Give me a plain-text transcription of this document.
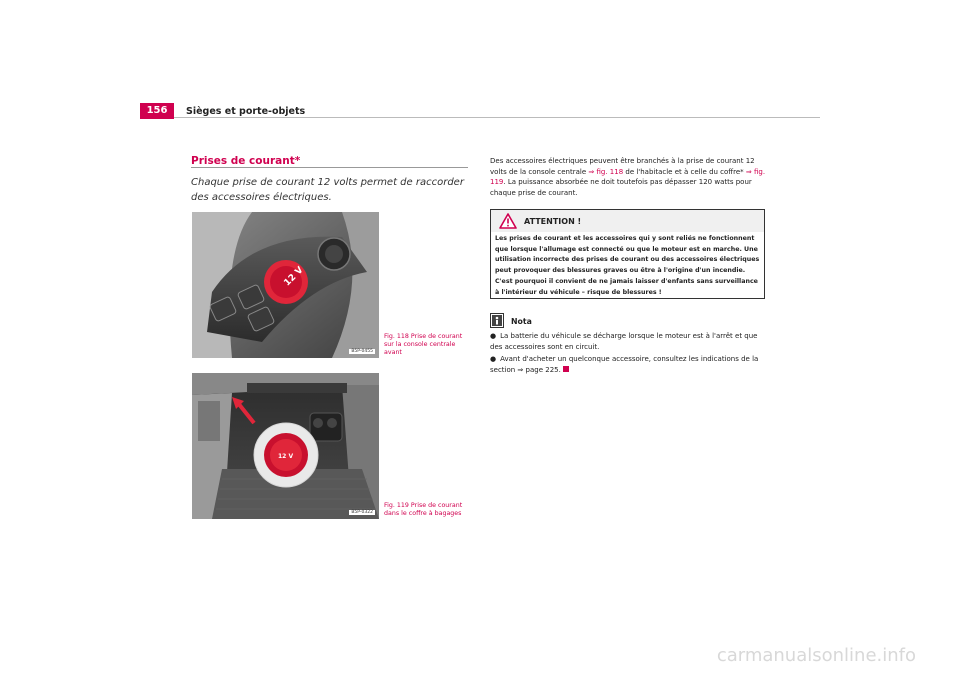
156	Sièges et porte-objets
Prises de courant*
Chaque prise de courant 12 volts permet de raccorder des accessoires électriques.
12 V
B5P-0455
Fig. 118 Prise de courant sur la console centrale avant
12 V
B5P-0322
Fig. 119 Prise de courant dans le coffre à bagages
Des accessoires électriques peuvent être branchés à la prise de courant 12 volts de la console centrale ⇒ fig. 118 de l'habitacle et à celle du coffre* ⇒ fig. 119. La puissance absorbée ne doit toutefois pas dépasser 120 watts pour chaque prise de courant.
ATTENTION !
Les prises de courant et les accessoires qui y sont reliés ne fonctionnent que lorsque l'allumage est connecté ou que le moteur est en marche. Une utilisation incorrecte des prises de courant ou des accessoires électriques peut provoquer des blessures graves ou être à l'origine d'un incendie. C'est pourquoi il convient de ne jamais laisser d'enfants sans surveillance à l'intérieur du véhicule – risque de blessures !
Nota
● La batterie du véhicule se décharge lorsque le moteur est à l'arrêt et que des accessoires sont en circuit.
● Avant d'acheter un quelconque accessoire, consultez les indications de la section ⇒ page 225.
carmanualsonline.info
